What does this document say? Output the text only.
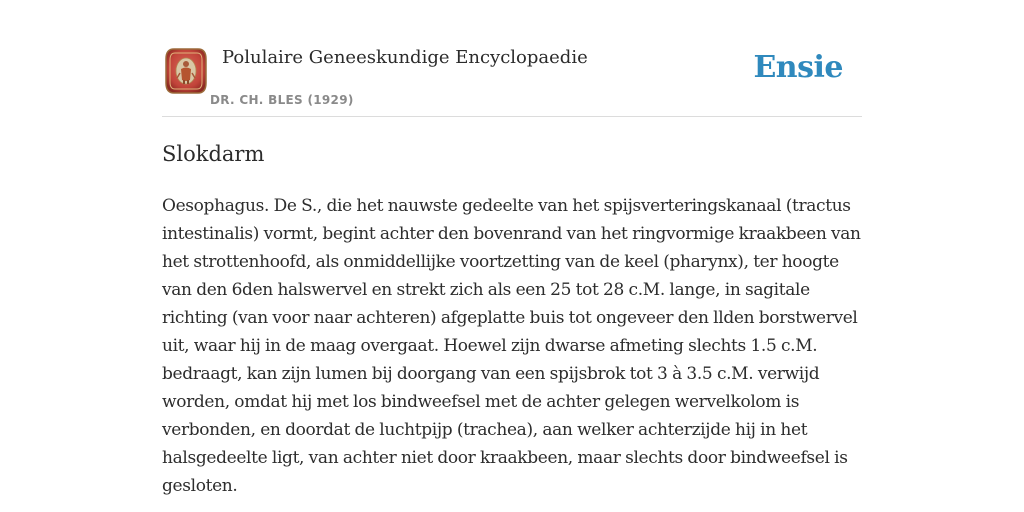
Polulaire Geneeskundige Encyclopaedie
DR. CH. BLES (1929)
Ensie
Slokdarm

Oesophagus. De S., die het nauwste gedeelte van het spijsverteringskanaal (tractus intestinalis) vormt, begint achter den bovenrand van het ringvormige kraakbeen van het strottenhoofd, als onmiddellijke voortzetting van de keel (pharynx), ter hoogte van den 6den halswervel en strekt zich als een 25 tot 28 c.M. lange, in sagitale richting (van voor naar achteren) afgeplatte buis tot ongeveer den llden borstwervel uit, waar hij in de maag overgaat. Hoewel zijn dwarse afmeting slechts 1.5 c.M. bedraagt, kan zijn lumen bij doorgang van een spijsbrok tot 3 à 3.5 c.M. verwijd worden, omdat hij met los bindweefsel met de achter gelegen wervelkolom is verbonden, en doordat de luchtpijp (trachea), aan welker achterzijde hij in het halsgedeelte ligt, van achter niet door kraakbeen, maar slechts door bindweefsel is gesloten.
